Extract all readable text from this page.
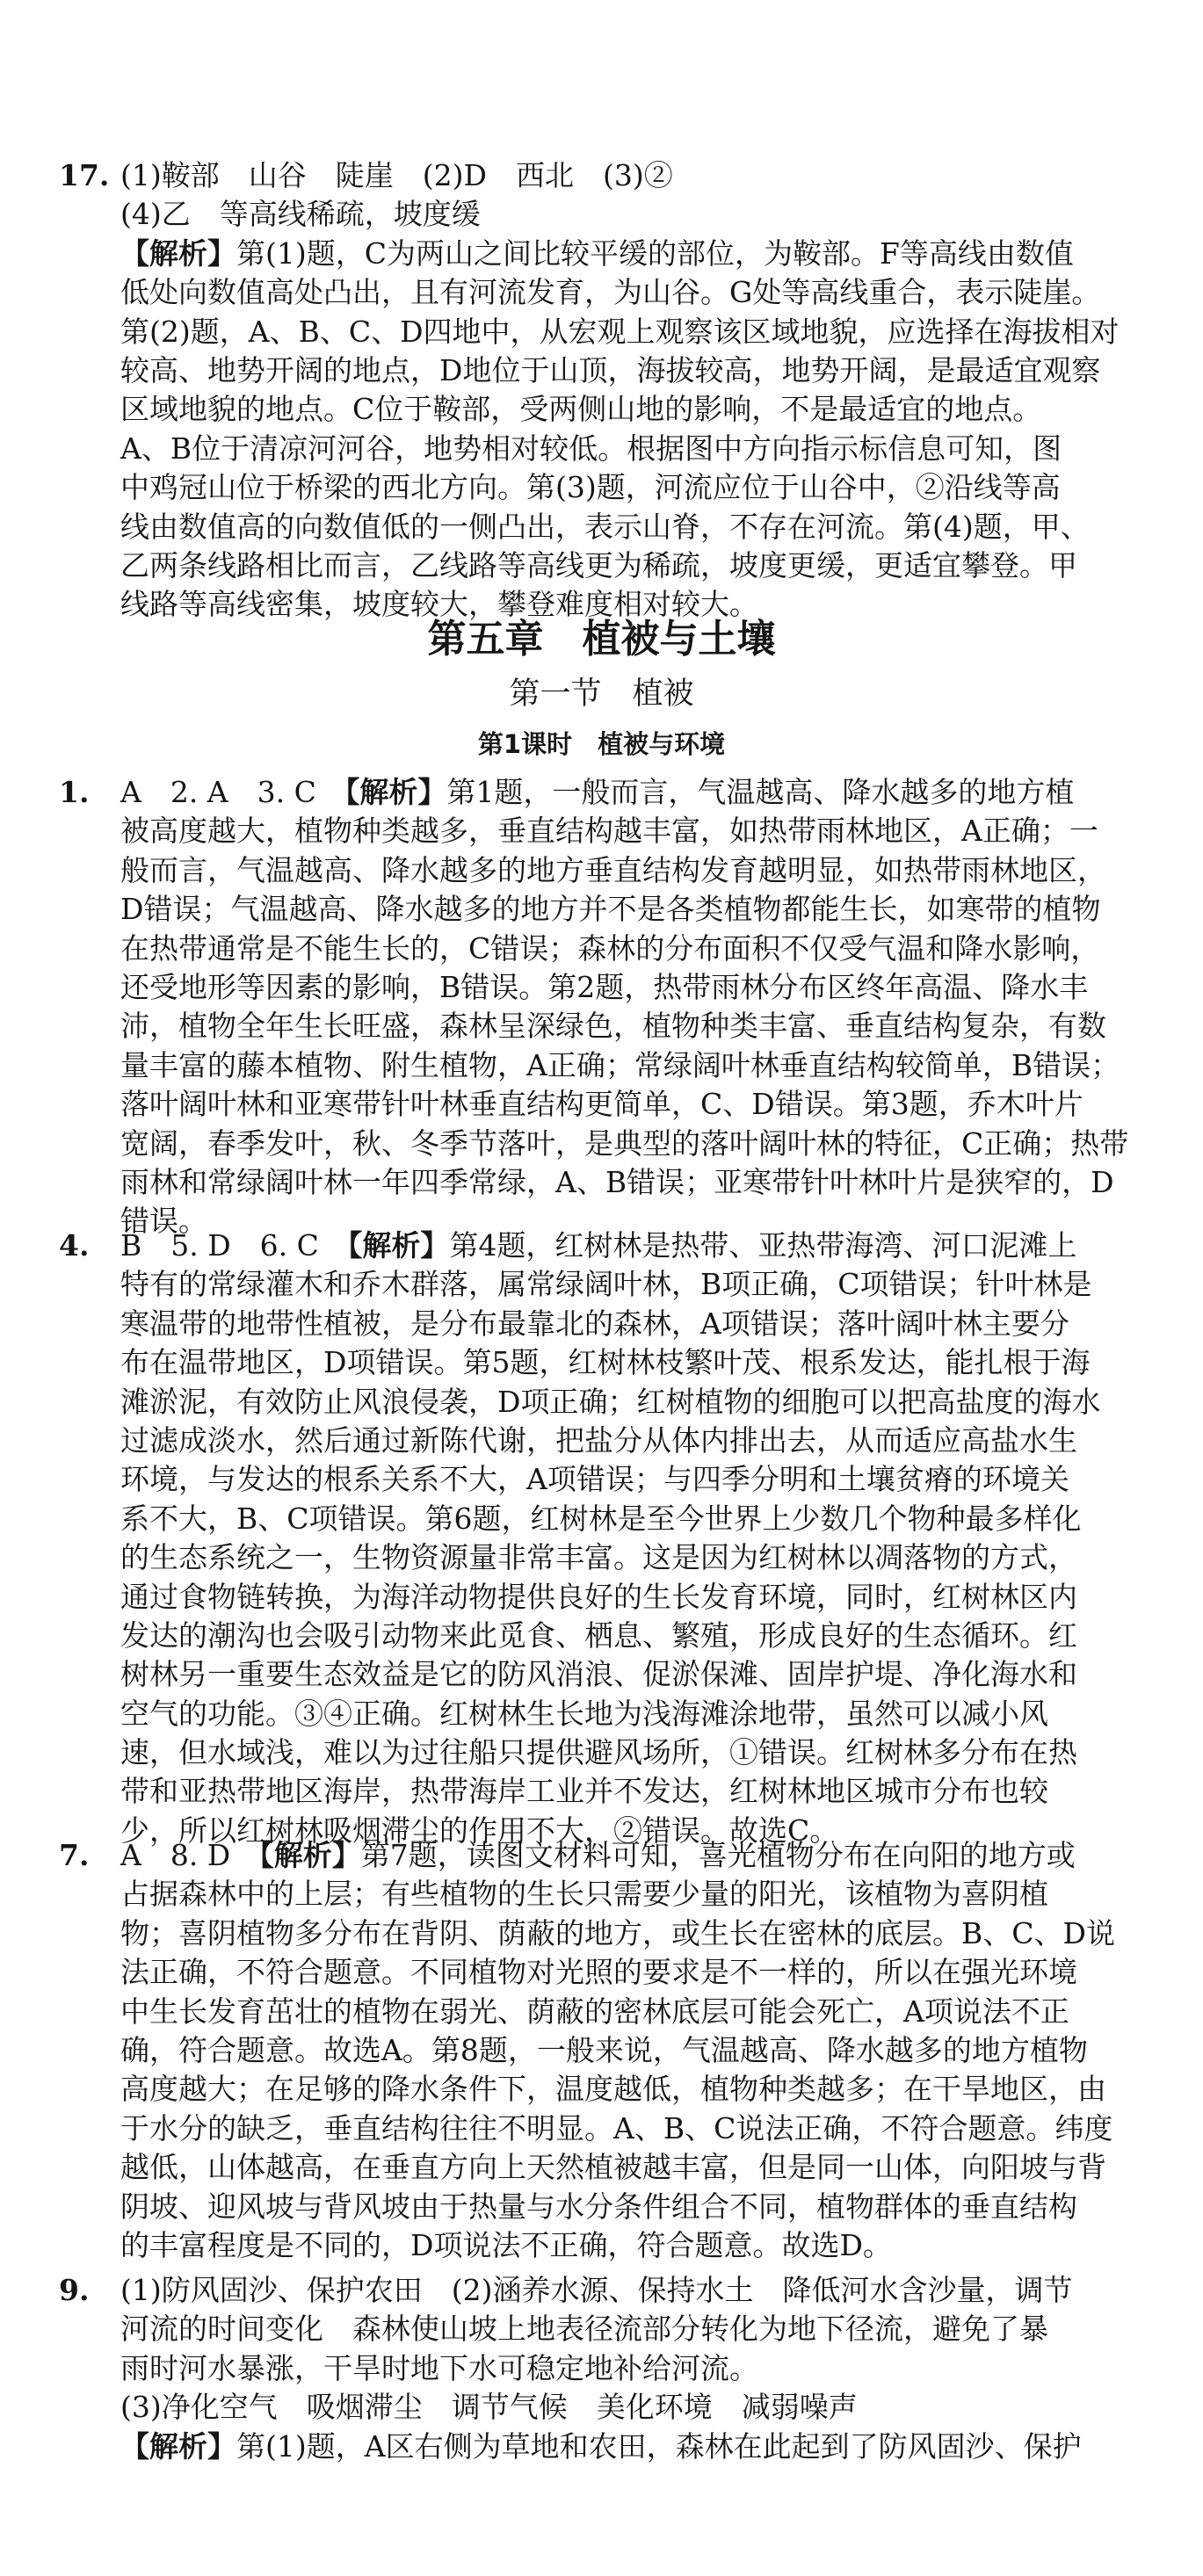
17. (1)鞍部　山谷　陡崖　(2)D　西北　(3)②
(4)乙　等高线稀疏，坡度缓
【解析】第(1)题，C为两山之间比较平缓的部位，为鞍部。F等高线由数值
低处向数值高处凸出，且有河流发育，为山谷。G处等高线重合，表示陡崖。
第(2)题，A、B、C、D四地中，从宏观上观察该区域地貌，应选择在海拔相对
较高、地势开阔的地点，D地位于山顶，海拔较高，地势开阔，是最适宜观察
区域地貌的地点。C位于鞍部，受两侧山地的影响，不是最适宜的地点。
A、B位于清凉河河谷，地势相对较低。根据图中方向指示标信息可知，图
中鸡冠山位于桥梁的西北方向。第(3)题，河流应位于山谷中，②沿线等高
线由数值高的向数值低的一侧凸出，表示山脊，不存在河流。第(4)题，甲、
乙两条线路相比而言，乙线路等高线更为稀疏，坡度更缓，更适宜攀登。甲
线路等高线密集，坡度较大，攀登难度相对较大。
第五章　植被与土壤
第一节　植被
第1课时　植被与环境
1. A　2. A　3. C　【解析】第1题，一般而言，气温越高、降水越多的地方植
被高度越大，植物种类越多，垂直结构越丰富，如热带雨林地区，A正确；一
般而言，气温越高、降水越多的地方垂直结构发育越明显，如热带雨林地区，
D错误；气温越高、降水越多的地方并不是各类植物都能生长，如寒带的植物
在热带通常是不能生长的，C错误；森林的分布面积不仅受气温和降水影响，
还受地形等因素的影响，B错误。第2题，热带雨林分布区终年高温、降水丰
沛，植物全年生长旺盛，森林呈深绿色，植物种类丰富、垂直结构复杂，有数
量丰富的藤本植物、附生植物，A正确；常绿阔叶林垂直结构较简单，B错误；
落叶阔叶林和亚寒带针叶林垂直结构更简单，C、D错误。第3题，乔木叶片
宽阔，春季发叶，秋、冬季节落叶，是典型的落叶阔叶林的特征，C正确；热带
雨林和常绿阔叶林一年四季常绿，A、B错误；亚寒带针叶林叶片是狭窄的，D
错误。
4. B　5. D　6. C　【解析】第4题，红树林是热带、亚热带海湾、河口泥滩上
特有的常绿灌木和乔木群落，属常绿阔叶林，B项正确，C项错误；针叶林是
寒温带的地带性植被，是分布最靠北的森林，A项错误；落叶阔叶林主要分
布在温带地区，D项错误。第5题，红树林枝繁叶茂、根系发达，能扎根于海
滩淤泥，有效防止风浪侵袭，D项正确；红树植物的细胞可以把高盐度的海水
过滤成淡水，然后通过新陈代谢，把盐分从体内排出去，从而适应高盐水生
环境，与发达的根系关系不大，A项错误；与四季分明和土壤贫瘠的环境关
系不大，B、C项错误。第6题，红树林是至今世界上少数几个物种最多样化
的生态系统之一，生物资源量非常丰富。这是因为红树林以凋落物的方式，
通过食物链转换，为海洋动物提供良好的生长发育环境，同时，红树林区内
发达的潮沟也会吸引动物来此觅食、栖息、繁殖，形成良好的生态循环。红
树林另一重要生态效益是它的防风消浪、促淤保滩、固岸护堤、净化海水和
空气的功能。③④正确。红树林生长地为浅海滩涂地带，虽然可以减小风
速，但水域浅，难以为过往船只提供避风场所，①错误。红树林多分布在热
带和亚热带地区海岸，热带海岸工业并不发达，红树林地区城市分布也较
少，所以红树林吸烟滞尘的作用不大，②错误。故选C。
7. A　8. D　【解析】第7题，读图文材料可知，喜光植物分布在向阳的地方或
占据森林中的上层；有些植物的生长只需要少量的阳光，该植物为喜阴植
物；喜阴植物多分布在背阴、荫蔽的地方，或生长在密林的底层。B、C、D说
法正确，不符合题意。不同植物对光照的要求是不一样的，所以在强光环境
中生长发育茁壮的植物在弱光、荫蔽的密林底层可能会死亡，A项说法不正
确，符合题意。故选A。第8题，一般来说，气温越高、降水越多的地方植物
高度越大；在足够的降水条件下，温度越低，植物种类越多；在干旱地区，由
于水分的缺乏，垂直结构往往不明显。A、B、C说法正确，不符合题意。纬度
越低，山体越高，在垂直方向上天然植被越丰富，但是同一山体，向阳坡与背
阴坡、迎风坡与背风坡由于热量与水分条件组合不同，植物群体的垂直结构
的丰富程度是不同的，D项说法不正确，符合题意。故选D。
9. (1)防风固沙、保护农田　(2)涵养水源、保持水土　降低河水含沙量，调节
河流的时间变化　森林使山坡上地表径流部分转化为地下径流，避免了暴
雨时河水暴涨，干旱时地下水可稳定地补给河流。
(3)净化空气　吸烟滞尘　调节气候　美化环境　减弱噪声
【解析】第(1)题，A区右侧为草地和农田，森林在此起到了防风固沙、保护
